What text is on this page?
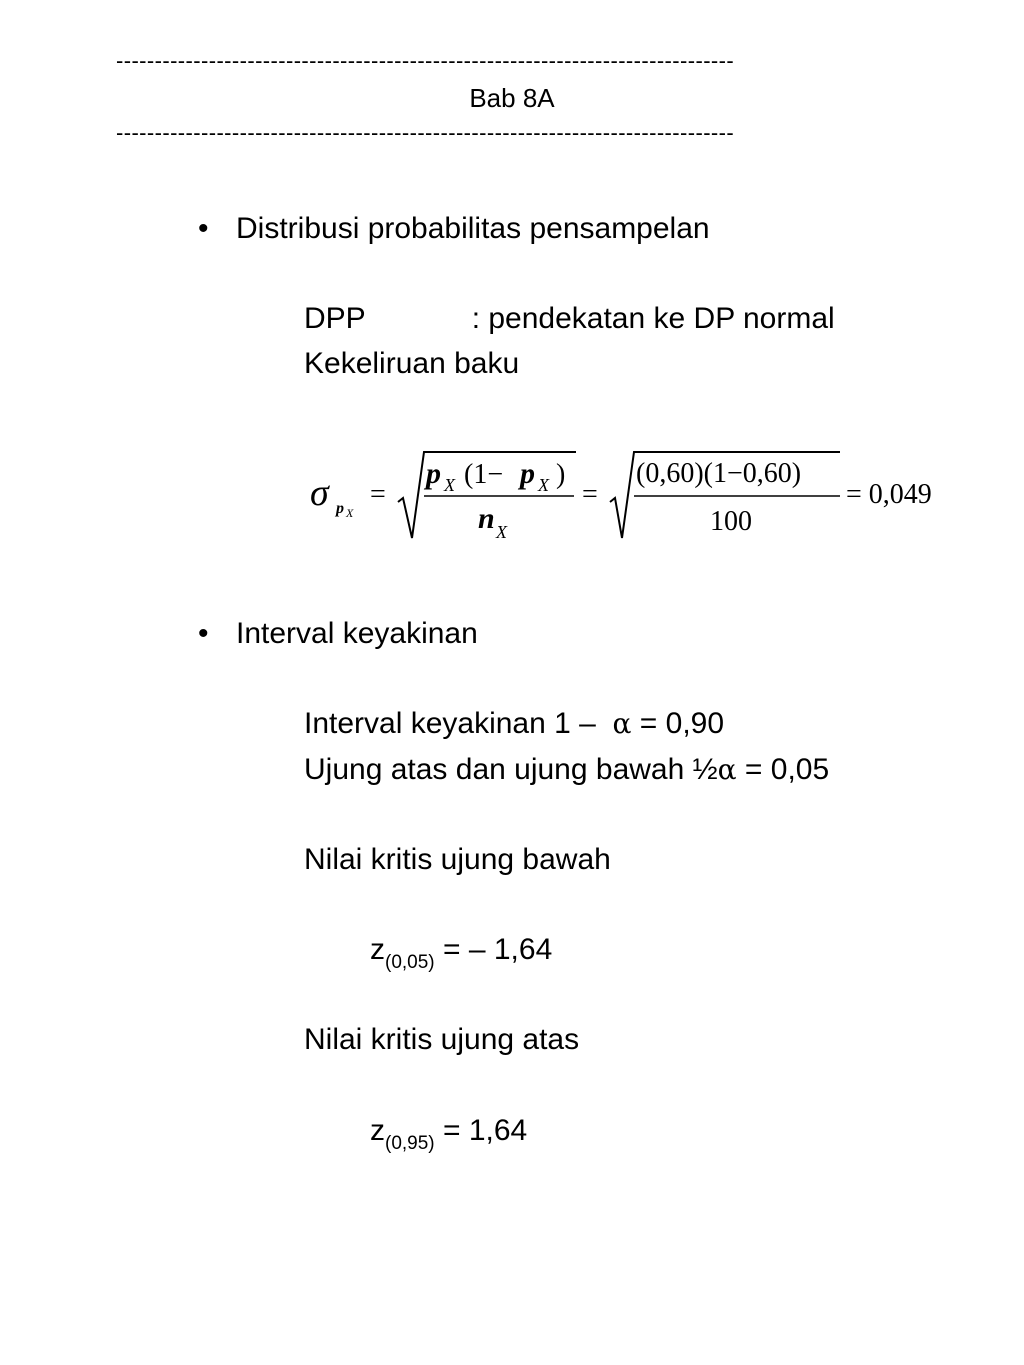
--------------------------------------------------------------------------------
Bab 8A
--------------------------------------------------------------------------------
• Distribusi probabilitas pensampelan
DPP	: pendekatan ke DP normal
Kekeliruan baku
σ p X
=
p X (1− p X )
n X
=
(0,60)(1−0,60)
100
= 0,049
• Interval keyakinan
Interval keyakinan 1 – α = 0,90
Ujung atas dan ujung bawah ½α = 0,05
Nilai kritis ujung bawah
$z_{(0,05)}$ = – 1,64
Nilai kritis ujung atas
$z_{(0,95)} = 1,64$
